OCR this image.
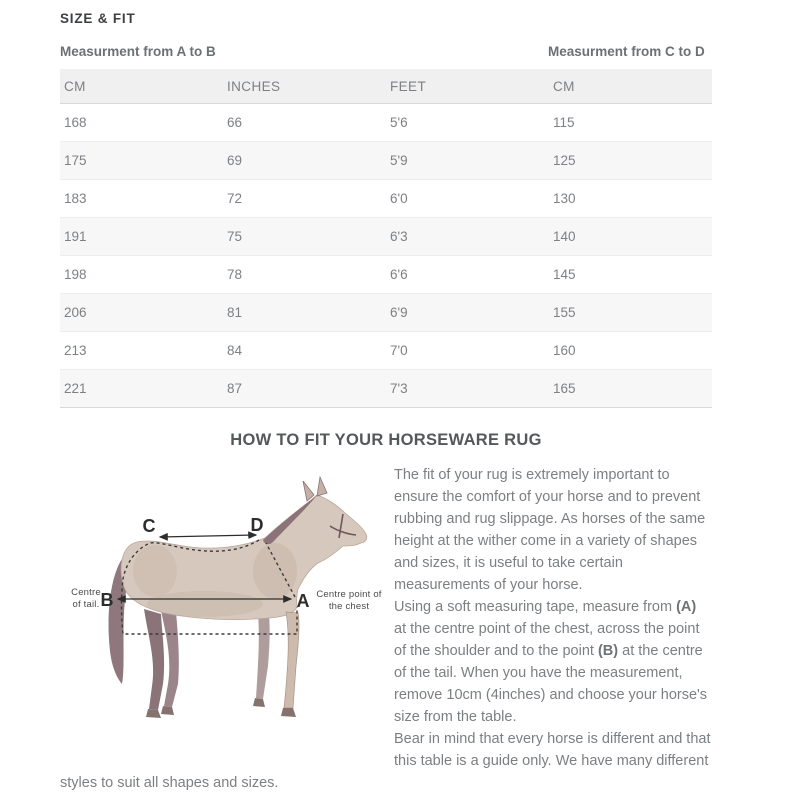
SIZE & FIT
Measurment from A to B	Measurment from C to D
CM	INCHES	FEET	CM
168	66	5'6	115
175	69	5'9	125
183	72	6'0	130
191	75	6'3	140
198	78	6'6	145
206	81	6'9	155
213	84	7'0	160
221	87	7'3	165
HOW TO FIT YOUR HORSEWARE RUG
C	D
B	A
Centre
of tail.
Centre point of
the chest

The fit of your rug is extremely important to ensure the comfort of your horse and to prevent rubbing and rug slippage. As horses of the same height at the wither come in a variety of shapes and sizes, it is useful to take certain measurements of your horse.

Using a soft measuring tape, measure from (A) at the centre point of the chest, across the point of the shoulder and to the point (B) at the centre of the tail. When you have the measurement, remove 10cm (4inches) and choose your horse's size from the table.

Bear in mind that every horse is different and that this table is a guide only. We have many different styles to suit all shapes and sizes.
